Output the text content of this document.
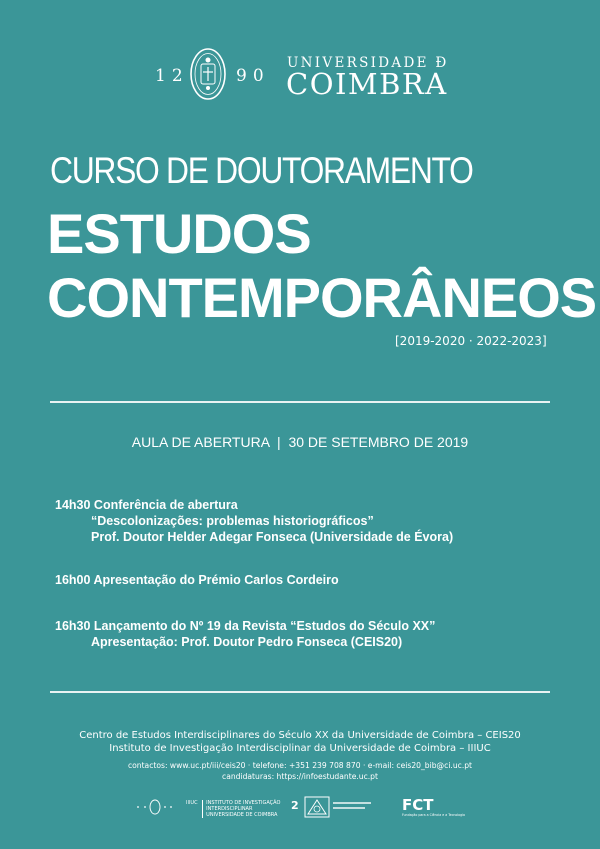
12	90
UNIVERSIDADE Ð
COIMBRA
CURSO DE DOUTORAMENTO
ESTUDOS
CONTEMPORÂNEOS
[2019-2020 · 2022-2023]
AULA DE ABERTURA  |  30 DE SETEMBRO DE 2019
14h30 Conferência de abertura
“Descolonizações: problemas historiográficos”
Prof. Doutor Helder Adegar Fonseca (Universidade de Évora)
16h00 Apresentação do Prémio Carlos Cordeiro
16h30 Lançamento do Nº 19 da Revista “Estudos do Século XX”
Apresentação: Prof. Doutor Pedro Fonseca (CEIS20)
Centro de Estudos Interdisciplinares do Século XX da Universidade de Coimbra – CEIS20
Instituto de Investigação Interdisciplinar da Universidade de Coimbra – IIIUC
contactos: www.uc.pt/iii/ceis20 · telefone: +351 239 708 870 · e-mail: ceis20_bib@ci.uc.pt
candidaturas: https://infoestudante.uc.pt
IIIUC INSTITUTO DE INVESTIGAÇÃO
INTERDISCIPLINAR
UNIVERSIDADE DE COIMBRA
2	FCT
Fundação para a Ciência e a Tecnologia
